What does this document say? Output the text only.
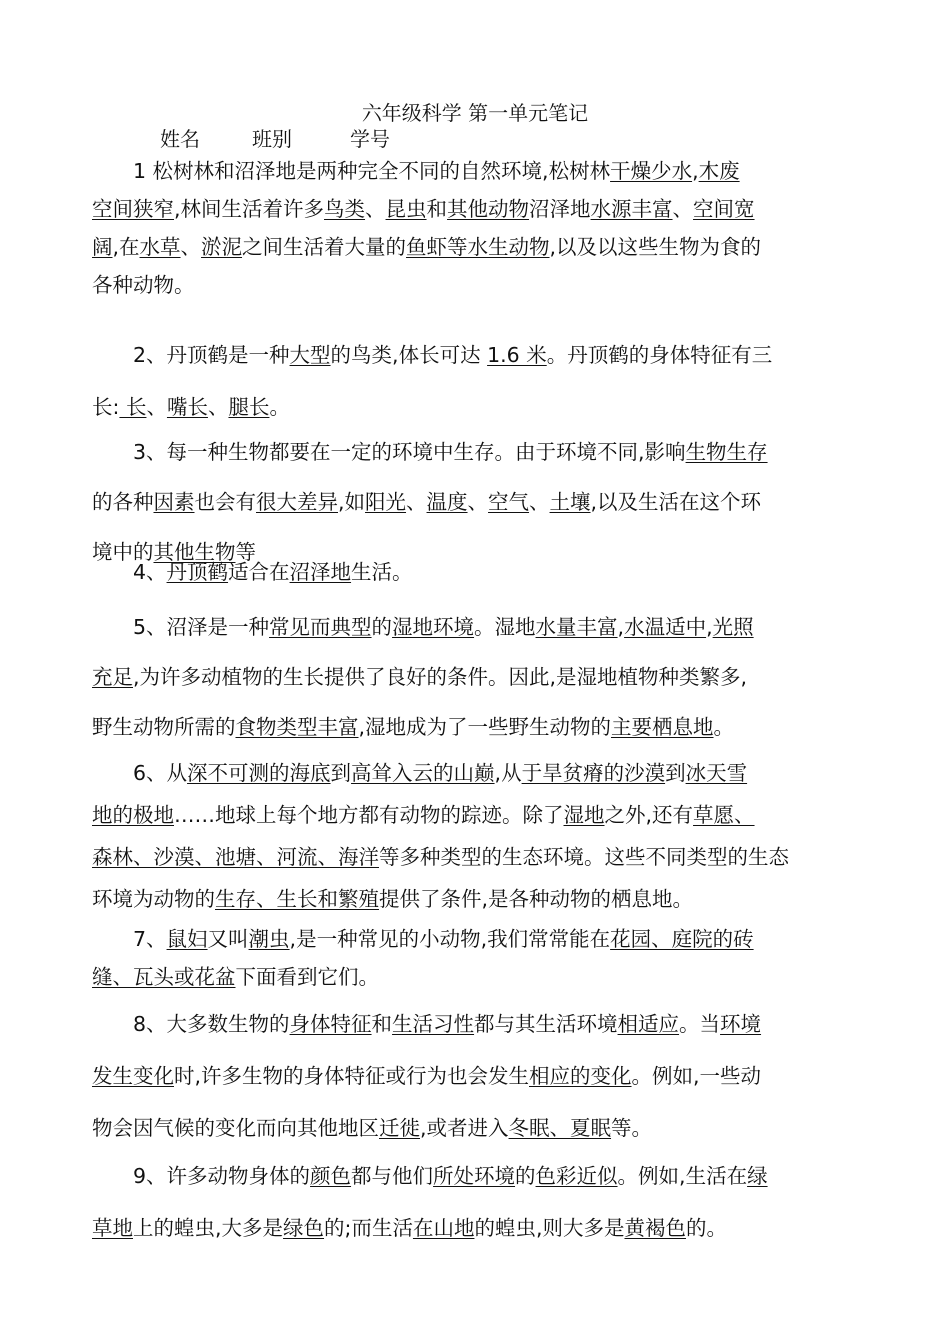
六年级科学 第一单元笔记
姓名	班别	学号
　　1 松树林和沼泽地是两种完全不同的自然环境,松树林干燥少水,木废
空间狭窄,林间生活着许多鸟类、昆虫和其他动物沼泽地水源丰富、空间宽
阔,在水草、淤泥之间生活着大量的鱼虾等水生动物,以及以这些生物为食的
各种动物。

　　2、丹顶鹤是一种大型的鸟类,体长可达 1.6 米。丹顶鹤的身体特征有三
长: 长、嘴长、腿长。

　　3、每一种生物都要在一定的环境中生存。由于环境不同,影响生物生存
的各种因素也会有很大差异,如阳光、温度、空气、土壤,以及生活在这个环
境中的其他生物等

　　4、丹顶鹤适合在沼泽地生活。

　　5、沼泽是一种常见而典型的湿地环境。湿地水量丰富,水温适中,光照
充足,为许多动植物的生长提供了良好的条件。因此,是湿地植物种类繁多,
野生动物所需的食物类型丰富,湿地成为了一些野生动物的主要栖息地。

　　6、从深不可测的海底到高耸入云的山巅,从于旱贫瘠的沙漠到冰天雪
地的极地……地球上每个地方都有动物的踪迹。除了湿地之外,还有草愿、
森林、沙漠、池塘、河流、海洋等多种类型的生态环境。这些不同类型的生态
环境为动物的生存、生长和繁殖提供了条件,是各种动物的栖息地。

　　7、鼠妇又叫潮虫,是一种常见的小动物,我们常常能在花园、庭院的砖
缝、瓦头或花盆下面看到它们。

　　8、大多数生物的身体特征和生活习性都与其生活环境相适应。当环境
发生变化时,许多生物的身体特征或行为也会发生相应的变化。例如,一些动
物会因气候的变化而向其他地区迁徙,或者进入冬眠、夏眠等。

　　9、许多动物身体的颜色都与他们所处环境的色彩近似。例如,生活在绿
草地上的蝗虫,大多是绿色的;而生活在山地的蝗虫,则大多是黄褐色的。
